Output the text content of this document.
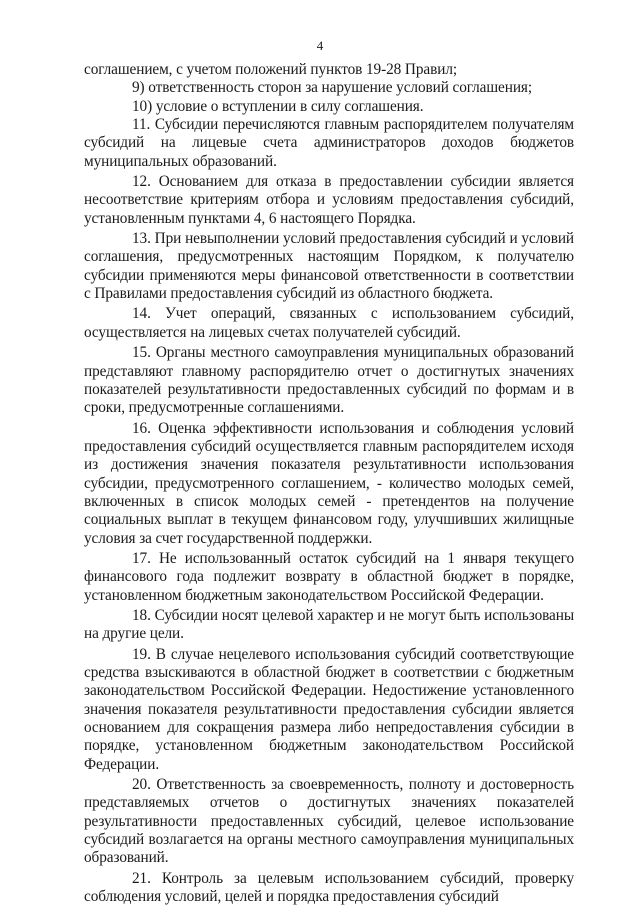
4

соглашением, с учетом положений пунктов 19-28 Правил;

9) ответственность сторон за нарушение условий соглашения;

10) условие о вступлении в силу соглашения.

11. Субсидии перечисляются главным распорядителем получателям субсидий на лицевые счета администраторов доходов бюджетов муниципальных образований.

12. Основанием для отказа в предоставлении субсидии является несоответствие критериям отбора и условиям предоставления субсидий, установленным пунктами 4, 6 настоящего Порядка.

13. При невыполнении условий предоставления субсидий и условий соглашения, предусмотренных настоящим Порядком, к получателю субсидии применяются меры финансовой ответственности в соответствии с Правилами предоставления субсидий из областного бюджета.

14. Учет операций, связанных с использованием субсидий, осуществляется на лицевых счетах получателей субсидий.

15. Органы местного самоуправления муниципальных образований представляют главному распорядителю отчет о достигнутых значениях показателей результативности предоставленных субсидий по формам и в сроки, предусмотренные соглашениями.

16. Оценка эффективности использования и соблюдения условий предоставления субсидий осуществляется главным распорядителем исходя из достижения значения показателя результативности использования субсидии, предусмотренного соглашением, - количество молодых семей, включенных в список молодых семей - претендентов на получение социальных выплат в текущем финансовом году, улучшивших жилищные условия за счет государственной поддержки.

17. Не использованный остаток субсидий на 1 января текущего финансового года подлежит возврату в областной бюджет в порядке, установленном бюджетным законодательством Российской Федерации.

18. Субсидии носят целевой характер и не могут быть использованы на другие цели.

19. В случае нецелевого использования субсидий соответствующие средства взыскиваются в областной бюджет в соответствии с бюджетным законодательством Российской Федерации. Недостижение установленного значения показателя результативности предоставления субсидии является основанием для сокращения размера либо непредоставления субсидии в порядке, установленном бюджетным законодательством Российской Федерации.

20. Ответственность за своевременность, полноту и достоверность представляемых отчетов о достигнутых значениях показателей результативности предоставленных субсидий, целевое использование субсидий возлагается на органы местного самоуправления муниципальных образований.

21. Контроль за целевым использованием субсидий, проверку соблюдения условий, целей и порядка предоставления субсидий
